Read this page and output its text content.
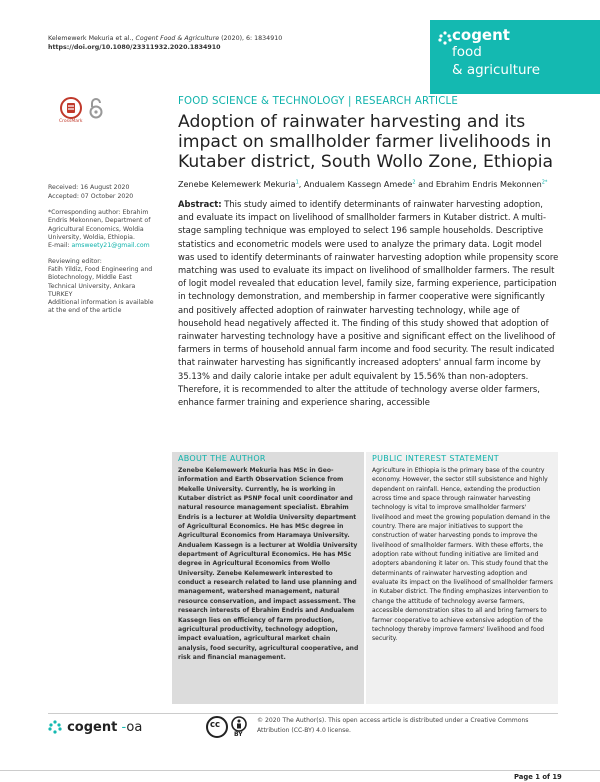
Kelemewerk Mekuria et al., Cogent Food & Agriculture (2020), 6: 1834910
https://doi.org/10.1080/23311932.2020.1834910
cogent
food
& agriculture
CrossMark
FOOD SCIENCE & TECHNOLOGY | RESEARCH ARTICLE
Adoption of rainwater harvesting and its impact on smallholder farmer livelihoods in Kutaber district, South Wollo Zone, Ethiopia
Zenebe Kelemewerk Mekuria$^1$, Andualem Kassegn Amede$^2$ and Ebrahim Endris Mekonnen$^{2*}$
Received: 16 August 2020
Accepted: 07 October 2020
*Corresponding author: Ebrahim Endris Mekonnen, Department of Agricultural Economics, Woldia University, Woldia, Ethiopia.
E-mail: amsweety21@gmail.com
Reviewing editor:
Fatih Yildiz, Food Engineering and Biotechnology, Middle East Technical University, Ankara TURKEY
Additional information is available at the end of the article
Abstract: This study aimed to identify determinants of rainwater harvesting adoption, and evaluate its impact on livelihood of smallholder farmers in Kutaber district. A multi-stage sampling technique was employed to select 196 sample households. Descriptive statistics and econometric models were used to analyze the primary data. Logit model was used to identify determinants of rainwater harvesting adoption while propensity score matching was used to evaluate its impact on livelihood of smallholder farmers. The result of logit model revealed that education level, family size, farming experience, participation in technology demonstration, and membership in farmer cooperative were significantly and positively affected adoption of rainwater harvesting technology, while age of household head negatively affected it. The finding of this study showed that adoption of rainwater harvesting technology have a positive and significant effect on the livelihood of farmers in terms of household annual farm income and food security. The result indicated that rainwater harvesting has significantly increased adopters' annual farm income by 35.13% and daily calorie intake per adult equivalent by 15.56% than non-adopters. Therefore, it is recommended to alter the attitude of technology averse older farmers, enhance farmer training and experience sharing, accessible
ABOUT THE AUTHOR
Zenebe Kelemewerk Mekuria has MSc in Geo-information and Earth Observation Science from Mekelle University. Currently, he is working in Kutaber district as PSNP focal unit coordinator and natural resource management specialist. Ebrahim Endris is a lecturer at Woldia University department of Agricultural Economics. He has MSc degree in Agricultural Economics from Haramaya University. Andualem Kassegn is a lecturer at Woldia University department of Agricultural Economics. He has MSc degree in Agricultural Economics from Wollo University. Zenebe Kelemewerk interested to conduct a research related to land use planning and management, watershed management, natural resource conservation, and impact assessment. The research interests of Ebrahim Endris and Andualem Kassegn lies on efficiency of farm production, agricultural productivity, technology adoption, impact evaluation, agricultural market chain analysis, food security, agricultural cooperative, and risk and financial management.
PUBLIC INTEREST STATEMENT
Agriculture in Ethiopia is the primary base of the country economy. However, the sector still subsistence and highly dependent on rainfall. Hence, extending the production across time and space through rainwater harvesting technology is vital to improve smallholder farmers' livelihood and meet the growing population demand in the country. There are major initiatives to support the construction of water harvesting ponds to improve the livelihood of smallholder farmers. With these efforts, the adoption rate without funding initiative are limited and adopters abandoning it later on. This study found that the determinants of rainwater harvesting adoption and evaluate its impact on the livelihood of smallholder farmers in Kutaber district. The finding emphasizes intervention to change the attitude of technology averse farmers, accessible demonstration sites to all and bring farmers to farmer cooperative to achieve extensive adoption of the technology thereby improve farmers' livelihood and food security.
cogent -oa	cc
BY
© 2020 The Author(s). This open access article is distributed under a Creative Commons Attribution (CC-BY) 4.0 license.
Page 1 of 19
